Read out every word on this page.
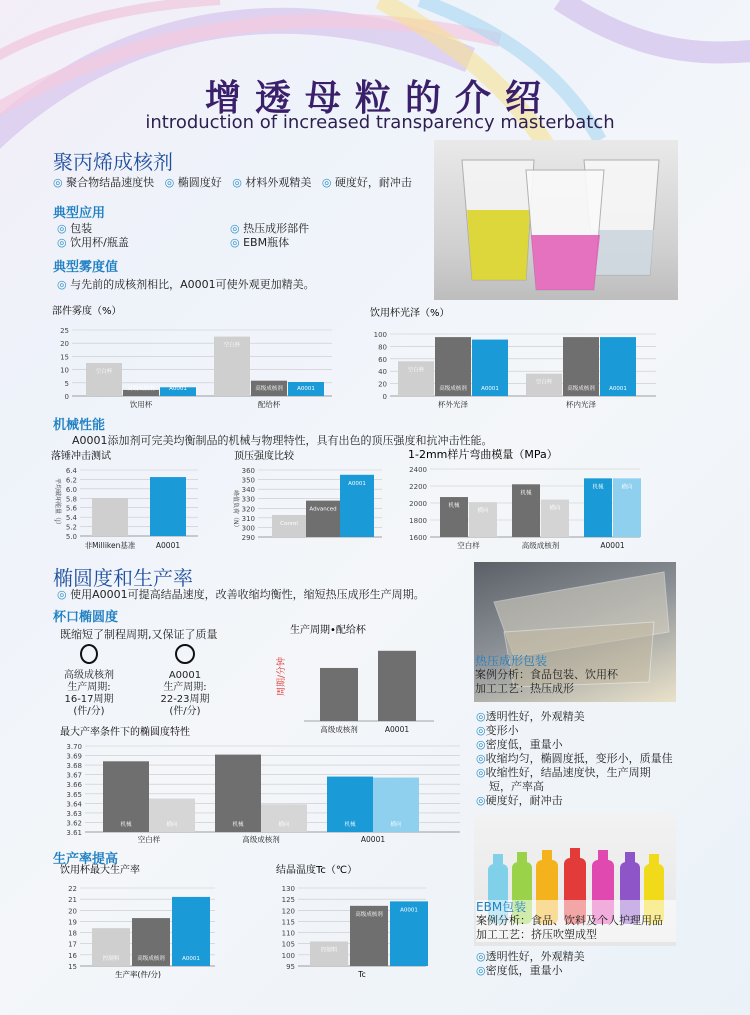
增透母粒的介绍
introduction of increased transparency masterbatch
聚丙烯成核剂
◎ 聚合物结晶速度快 ◎ 椭圆度好 ◎ 材料外观精美 ◎ 硬度好，耐冲击
典型应用
◎ 包装
◎ 饮用杯/瓶盖
◎ 热压成形部件
◎ EBM瓶体
典型雾度值
◎ 与先前的成核剂相比，A0001可使外观更加精美。
部件雾度（%）
0
5
10
15
20
25
空白杯
高级成核剂	A0001
饮用杯
空白杯
高级成核剂	A0001
配给杯
饮用杯光泽（%）
0
20
40
60
80
100
空白杯
高级成核剂	A0001
杯外光泽
空白杯
高级成核剂	A0001
杯内光泽
机械性能
A0001添加剂可完美均衡制品的机械与物理特性，具有出色的顶压强度和抗冲击性能。
落锤冲击测试
5.0
5.2
5.4
5.6
5.8
6.0
6.2
6.4
非Milliken基准	A0001
平均破坏能量（J）
顶压强度比较
290
300
310
320
330
340
350
360
Conrol
Advanced
A0001
峰值负荷（N）
1-2mm样片弯曲模量（MPa）
1600
1800
2000
2200
2400
机械
横向
空白样
机械
横向
高级成核剂
机械	横向
A0001
椭圆度和生产率
◎ 使用A0001可提高结晶速度，改善收缩均衡性，缩短热压成形生产周期。
杯口椭圆度
既缩短了制程周期,又保证了质量
高级成核剂
生产周期:
16-17周期
(件/分)
A0001
生产周期:
22-23周期
(件/分)
生产周期•配给杯
周期/分钟
高级成核剂	A0001
最大产率条件下的椭圆度特性
3.61
3.62
3.63
3.64
3.65
3.66
3.67
3.68
3.69
3.70
机械	横向
空白样
机械	横向
高级成核剂
机械	横向
A0001
生产率提高
饮用杯最大生产率
15
16
17
18
19
20
21
22
控制料	高级成核剂	A0001
生产率(件/分)
结晶温度Tc（℃）
95
100
105
110
115
120
125
130
控制料
高级成核剂
A0001
Tc
热压成形包装
案例分析：食品包装、饮用杯
加工工艺：热压成形
◎透明性好，外观精美
◎变形小
◎密度低，重量小
◎收缩均匀，椭圆度抵，变形小，质量佳
◎收缩性好，结晶速度快，生产周期
短，产率高
◎硬度好，耐冲击
EBM包装
案例分析：食品、饮料及个人护理用品
加工工艺：挤压吹塑成型
◎透明性好，外观精美
◎密度低，重量小
